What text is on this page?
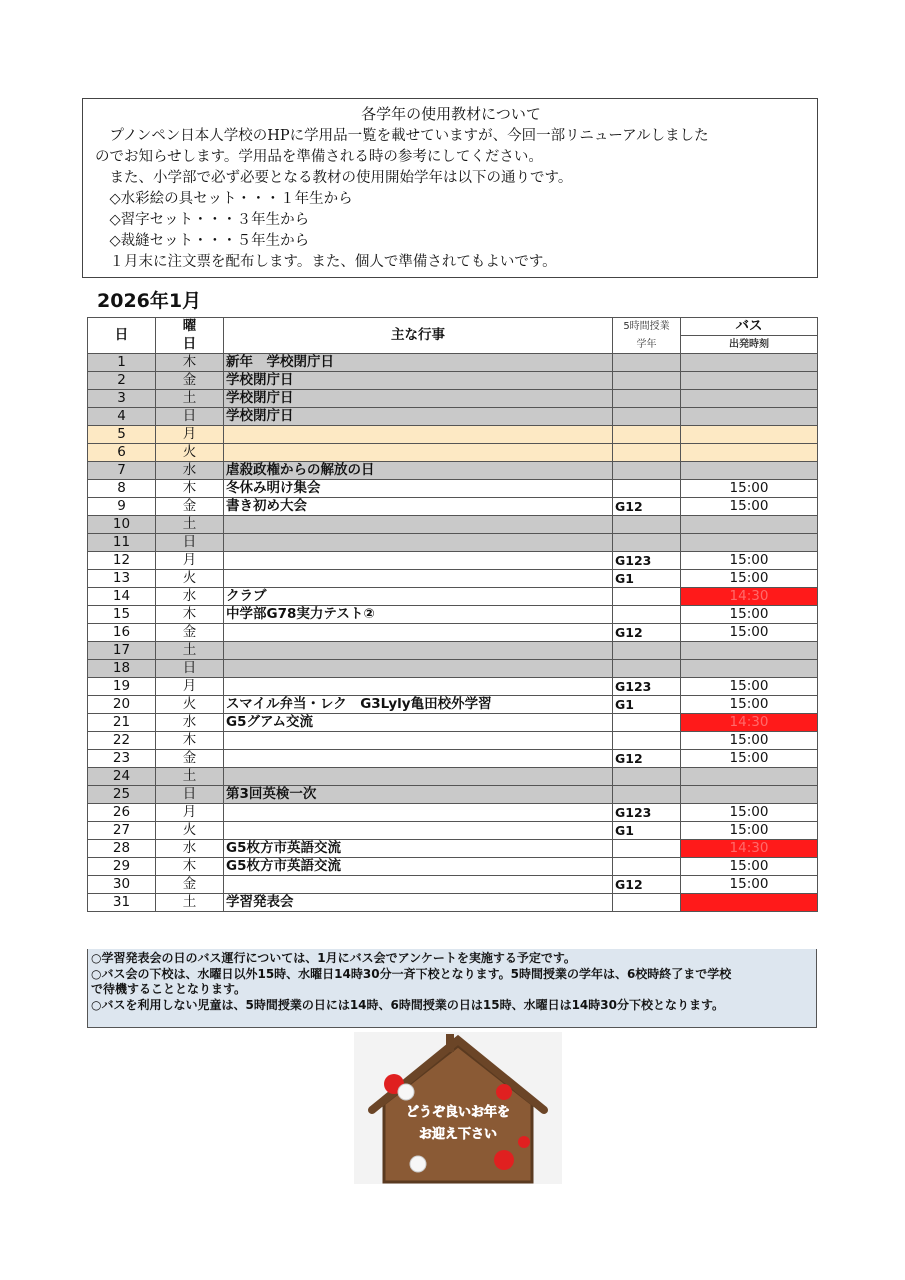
各学年の使用教材について

　プノンペン日本人学校のHPに学用品一覧を載せていますが、今回一部リニューアルしました

のでお知らせします。学用品を準備される時の参考にしてください。

　また、小学部で必ず必要となる教材の使用開始学年は以下の通りです。

　◇水彩絵の具セット・・・１年生から

　◇習字セット・・・３年生から

　◇裁縫セット・・・５年生から

　１月末に注文票を配布します。また、個人で準備されてもよいです。

2026年1月
日	曜	主な行事	5時間授業	バス
	日		学年	出発時刻
1	木	新年　学校閉庁日		
2	金	学校閉庁日		
3	土	学校閉庁日		
4	日	学校閉庁日		
5	月			
6	火			
7	水	虐殺政権からの解放の日		
8	木	冬休み明け集会		15:00
9	金	書き初め大会	G12	15:00
10	土			
11	日			
12	月		G123	15:00
13	火		G1	15:00
14	水	クラブ		14:30
15	木	中学部G78実力テスト②		15:00
16	金		G12	15:00
17	土			
18	日			
19	月		G123	15:00
20	火	スマイル弁当・レク　G3Lyly亀田校外学習	G1	15:00
21	水	G5グアム交流		14:30
22	木			15:00
23	金		G12	15:00
24	土			
25	日	第3回英検一次		
26	月		G123	15:00
27	火		G1	15:00
28	水	G5枚方市英語交流		14:30
29	木	G5枚方市英語交流		15:00
30	金		G12	15:00
31	土	学習発表会		

○学習発表会の日のバス運行については、1月にバス会でアンケートを実施する予定です。

○バス会の下校は、水曜日以外15時、水曜日14時30分一斉下校となります。5時間授業の学年は、6校時終了まで学校

で待機することとなります。

○バスを利用しない児童は、5時間授業の日には14時、6時間授業の日は15時、水曜日は14時30分下校となります。

どうぞ良いお年を
お迎え下さい
